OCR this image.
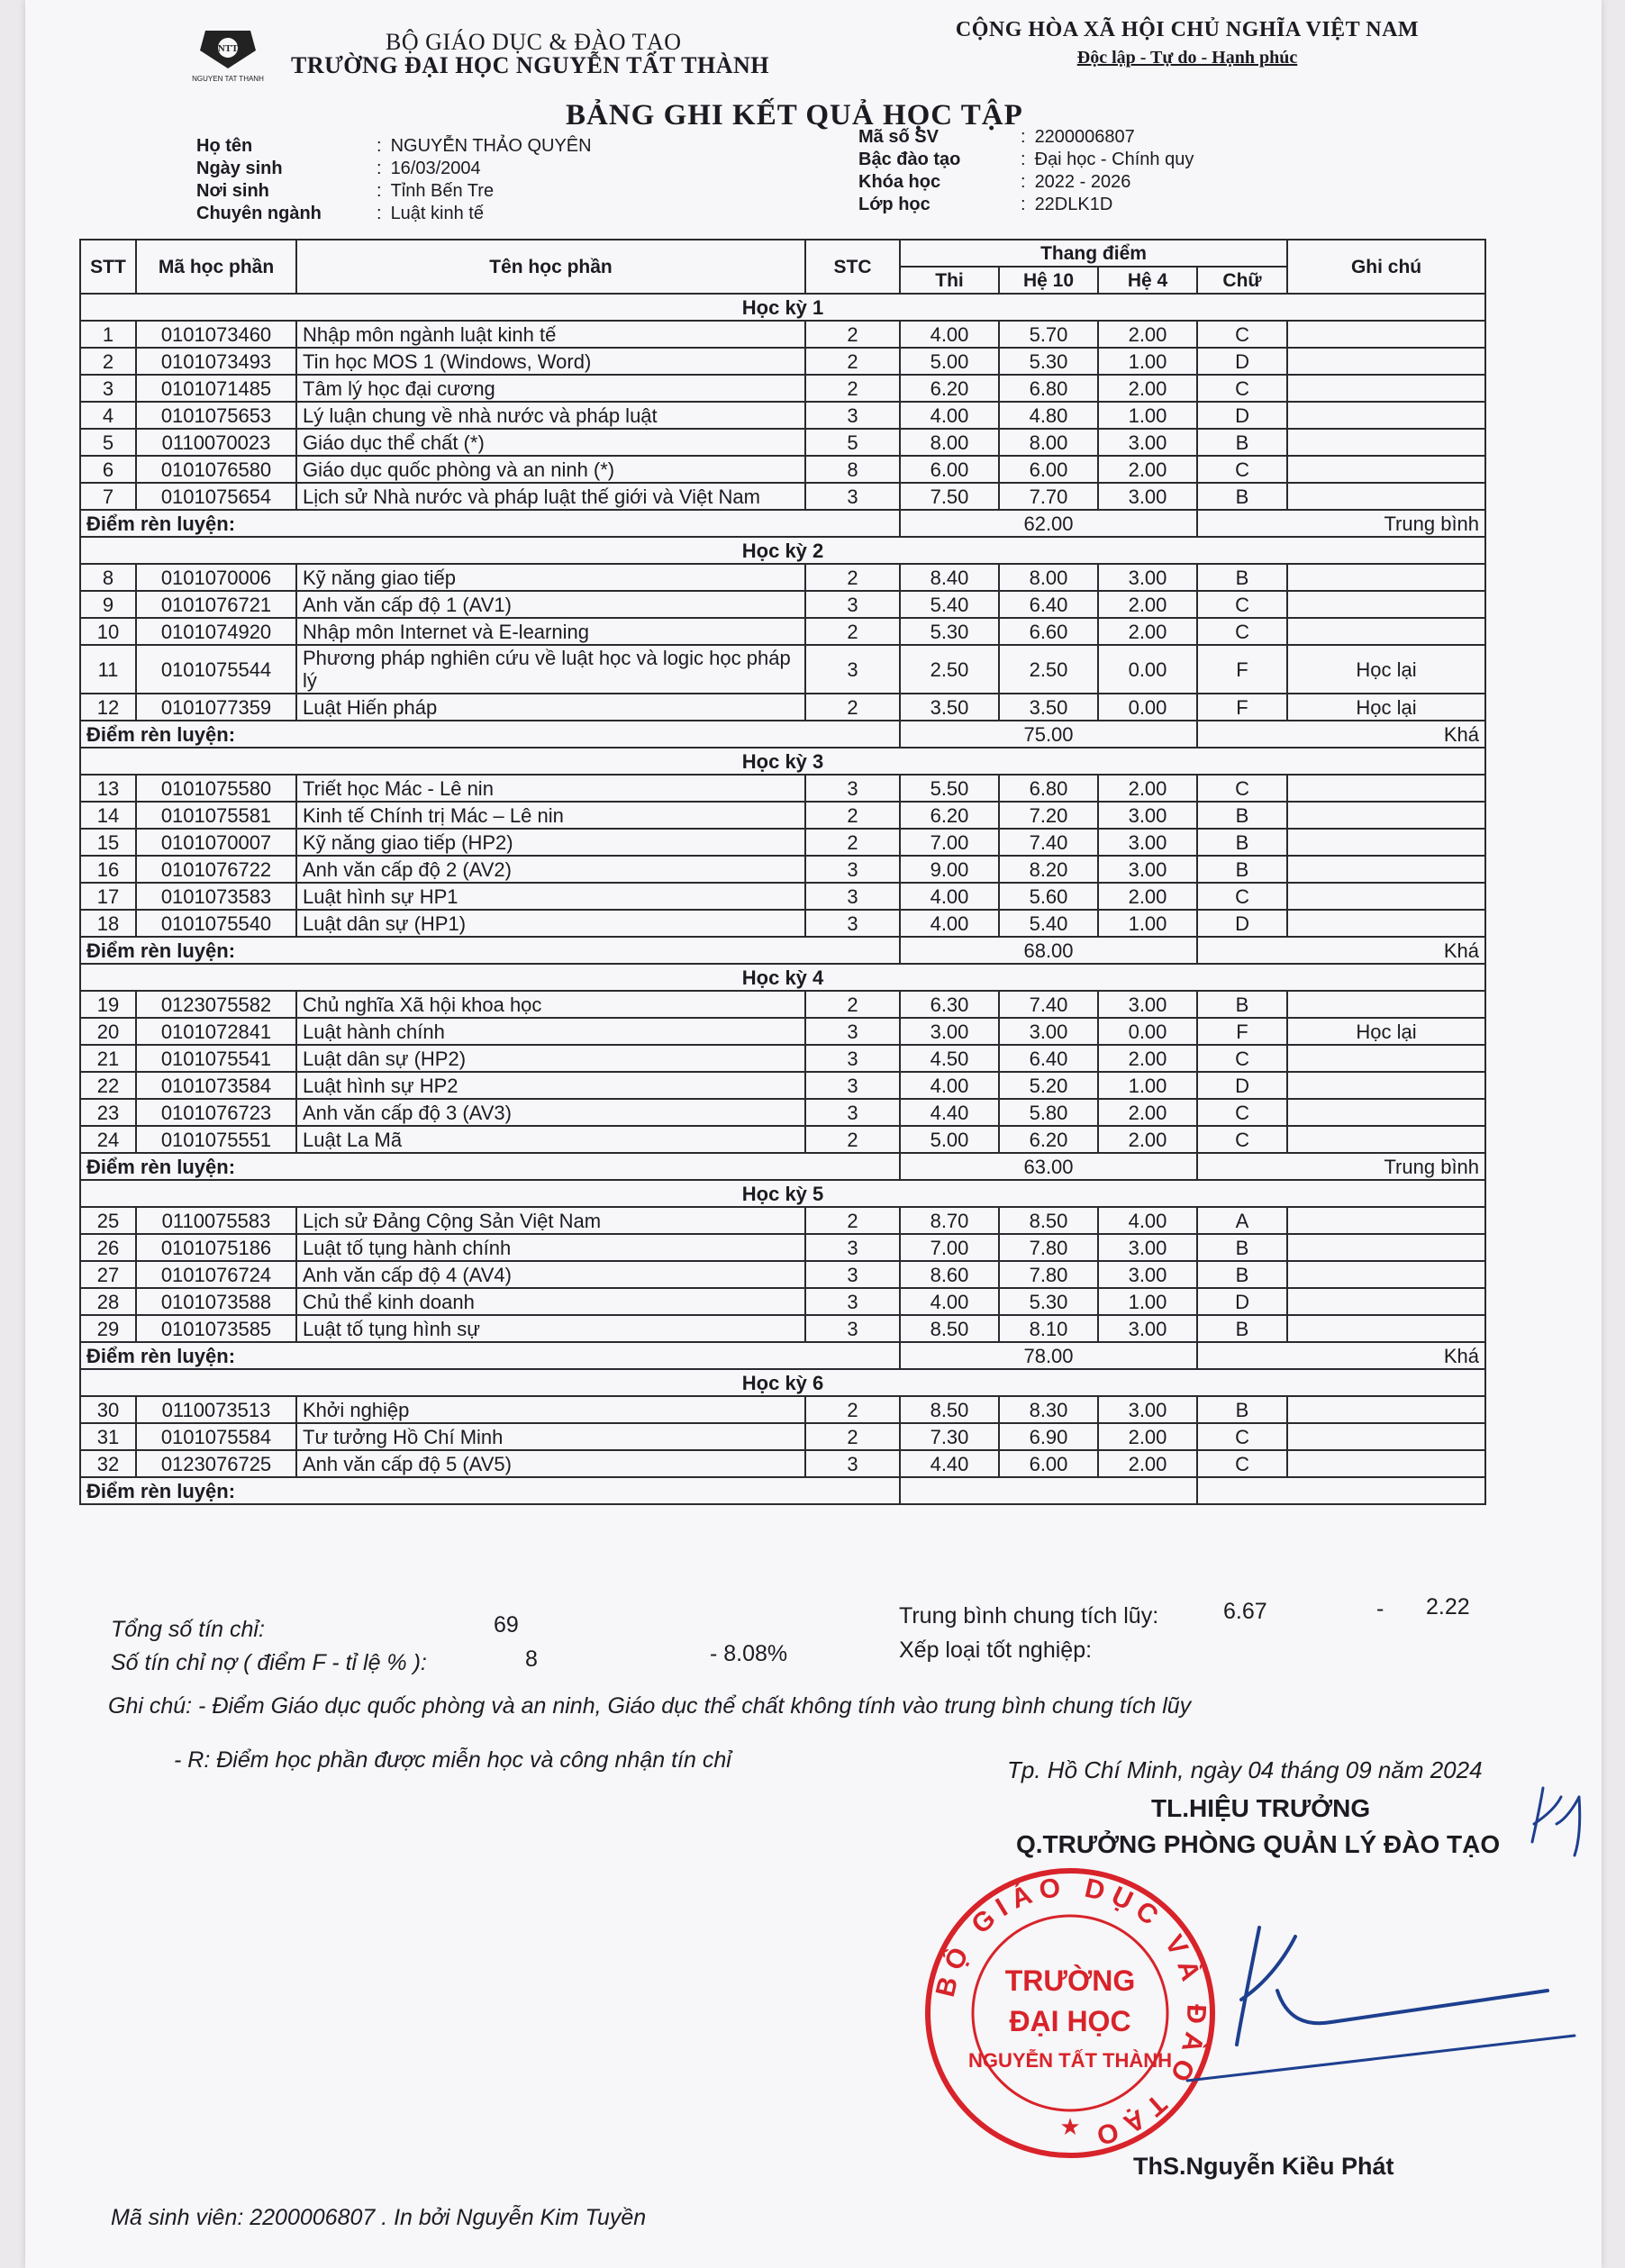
NTT
NGUYEN TAT THANH
BỘ GIÁO DỤC & ĐÀO TẠO
TRƯỜNG ĐẠI HỌC NGUYỄN TẤT THÀNH
CỘNG HÒA XÃ HỘI CHỦ NGHĨA VIỆT NAM
Độc lập - Tự do - Hạnh phúc
BẢNG GHI KẾT QUẢ HỌC TẬP
Họ tên	: NGUYỄN THẢO QUYÊN
Ngày sinh	: 16/03/2004
Nơi sinh	: Tỉnh Bến Tre
Chuyên ngành	: Luật kinh tế
Mã số SV	: 2200006807
Bậc đào tạo	: Đại học - Chính quy
Khóa học	: 2022 - 2026
Lớp học	: 22DLK1D
STT	Mã học phần	Tên học phần	STC	Thang điểm				Ghi chú
				Thi	Hệ 10	Hệ 4	Chữ	
Học kỳ 1								
1	0101073460	Nhập môn ngành luật kinh tế	2	4.00	5.70	2.00	C	
2	0101073493	Tin học MOS 1 (Windows, Word)	2	5.00	5.30	1.00	D	
3	0101071485	Tâm lý học đại cương	2	6.20	6.80	2.00	C	
4	0101075653	Lý luận chung về nhà nước và pháp luật	3	4.00	4.80	1.00	D	
5	0110070023	Giáo dục thể chất (*)	5	8.00	8.00	3.00	B	
6	0101076580	Giáo dục quốc phòng và an ninh (*)	8	6.00	6.00	2.00	C	
7	0101075654	Lịch sử Nhà nước và pháp luật thế giới và Việt Nam	3	7.50	7.70	3.00	B	
Điểm rèn luyện:				62.00			Trung bình	
Học kỳ 2								
8	0101070006	Kỹ năng giao tiếp	2	8.40	8.00	3.00	B	
9	0101076721	Anh văn cấp độ 1 (AV1)	3	5.40	6.40	2.00	C	
10	0101074920	Nhập môn Internet và E-learning	2	5.30	6.60	2.00	C	
11	0101075544	Phương pháp nghiên cứu về luật học và logic học pháp lý	3	2.50	2.50	0.00	F	Học lại
12	0101077359	Luật Hiến pháp	2	3.50	3.50	0.00	F	Học lại
Điểm rèn luyện:				75.00			Khá	
Học kỳ 3								
13	0101075580	Triết học Mác - Lê nin	3	5.50	6.80	2.00	C	
14	0101075581	Kinh tế Chính trị Mác – Lê nin	2	6.20	7.20	3.00	B	
15	0101070007	Kỹ năng giao tiếp (HP2)	2	7.00	7.40	3.00	B	
16	0101076722	Anh văn cấp độ 2 (AV2)	3	9.00	8.20	3.00	B	
17	0101073583	Luật hình sự HP1	3	4.00	5.60	2.00	C	
18	0101075540	Luật dân sự (HP1)	3	4.00	5.40	1.00	D	
Điểm rèn luyện:				68.00			Khá	
Học kỳ 4								
19	0123075582	Chủ nghĩa Xã hội khoa học	2	6.30	7.40	3.00	B	
20	0101072841	Luật hành chính	3	3.00	3.00	0.00	F	Học lại
21	0101075541	Luật dân sự (HP2)	3	4.50	6.40	2.00	C	
22	0101073584	Luật hình sự HP2	3	4.00	5.20	1.00	D	
23	0101076723	Anh văn cấp độ 3 (AV3)	3	4.40	5.80	2.00	C	
24	0101075551	Luật La Mã	2	5.00	6.20	2.00	C	
Điểm rèn luyện:				63.00			Trung bình	
Học kỳ 5								
25	0110075583	Lịch sử Đảng Cộng Sản Việt Nam	2	8.70	8.50	4.00	A	
26	0101075186	Luật tố tụng hành chính	3	7.00	7.80	3.00	B	
27	0101076724	Anh văn cấp độ 4 (AV4)	3	8.60	7.80	3.00	B	
28	0101073588	Chủ thể kinh doanh	3	4.00	5.30	1.00	D	
29	0101073585	Luật tố tụng hình sự	3	8.50	8.10	3.00	B	
Điểm rèn luyện:				78.00			Khá	
Học kỳ 6								
30	0110073513	Khởi nghiệp	2	8.50	8.30	3.00	B	
31	0101075584	Tư tưởng Hồ Chí Minh	2	7.30	6.90	2.00	C	
32	0123076725	Anh văn cấp độ 5 (AV5)	3	4.40	6.00	2.00	C	
Điểm rèn luyện:								
Tổng số tín chỉ:	69
Số tín chỉ nợ ( điểm F - tỉ lệ % ):	8	- 8.08%
Trung bình chung tích lũy:	6.67	- 2.22
Xếp loại tốt nghiệp:
Ghi chú: - Điểm Giáo dục quốc phòng và an ninh, Giáo dục thể chất không tính vào trung bình chung tích lũy
- R: Điểm học phần được miễn học và công nhận tín chỉ	Tp. Hồ Chí Minh, ngày 04 tháng 09 năm 2024
TL.HIỆU TRƯỞNG
Q.TRƯỞNG PHÒNG QUẢN LÝ ĐÀO TẠO
BỘ GIÁO DỤC VÀ ĐÀO TẠO
TRƯỜNG
ĐẠI HỌC
NGUYỄN TẤT THÀNH
★
ThS.Nguyễn Kiều Phát
Mã sinh viên: 2200006807 . In bởi Nguyễn Kim Tuyền
